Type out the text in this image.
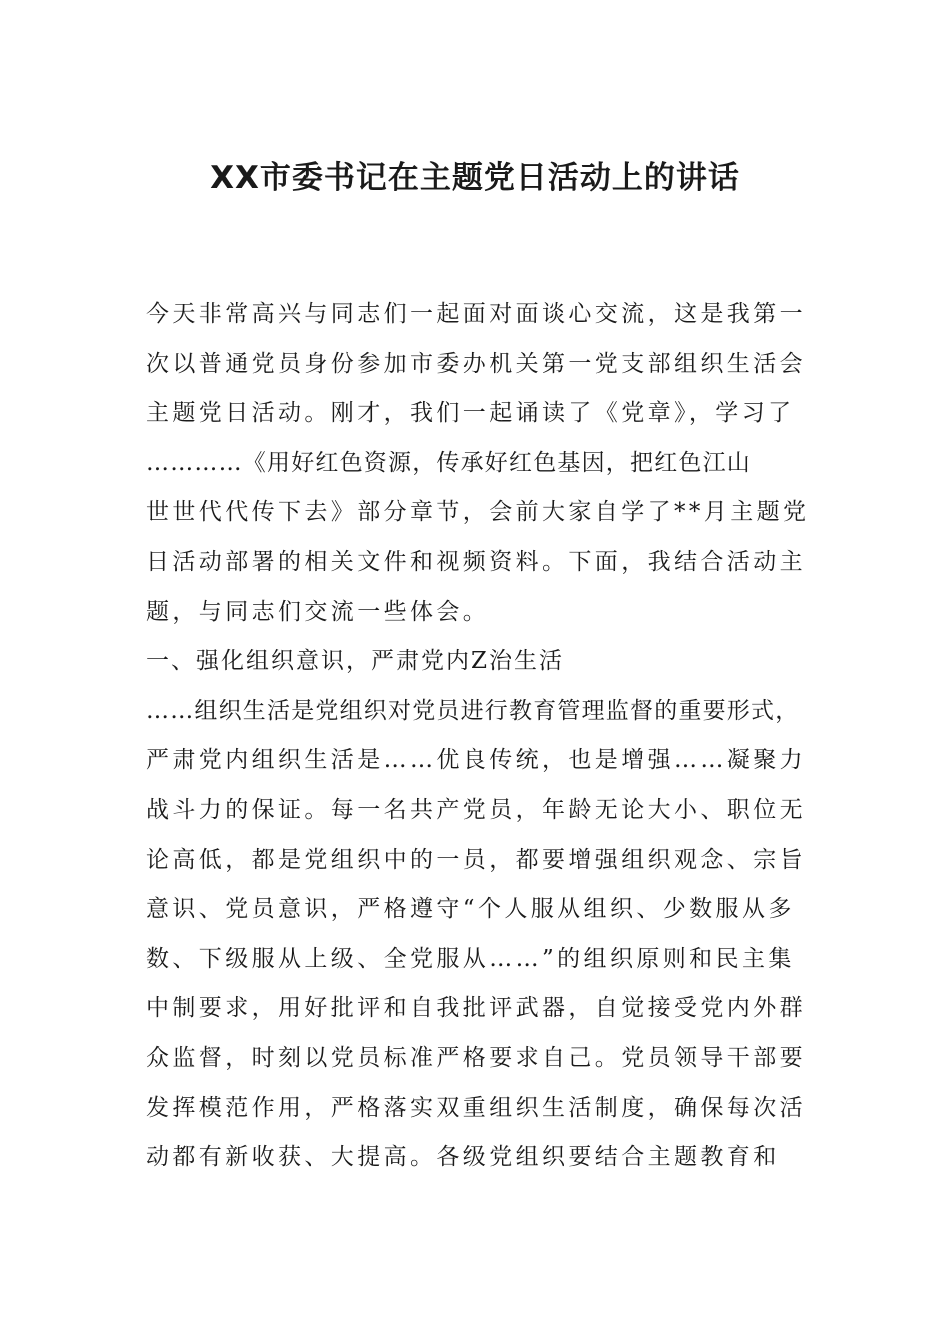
XX市委书记在主题党日活动上的讲话

今天非常高兴与同志们一起面对面谈心交流，这是我第一

次以普通党员身份参加市委办机关第一党支部组织生活会

主题党日活动。刚才，我们一起诵读了《党章》，学习了

…………《用好红色资源，传承好红色基因，把红色江山

世世代代传下去》部分章节，会前大家自学了**月主题党

日活动部署的相关文件和视频资料。下面，我结合活动主

题，与同志们交流一些体会。

一、强化组织意识，严肃党内Z治生活

……组织生活是党组织对党员进行教育管理监督的重要形式，

严肃党内组织生活是……优良传统，也是增强……凝聚力

战斗力的保证。每一名共产党员，年龄无论大小、职位无

论高低，都是党组织中的一员，都要增强组织观念、宗旨

意识、党员意识，严格遵守“个人服从组织、少数服从多

数、下级服从上级、全党服从……”的组织原则和民主集

中制要求，用好批评和自我批评武器，自觉接受党内外群

众监督，时刻以党员标准严格要求自己。党员领导干部要

发挥模范作用，严格落实双重组织生活制度，确保每次活

动都有新收获、大提高。各级党组织要结合主题教育和
